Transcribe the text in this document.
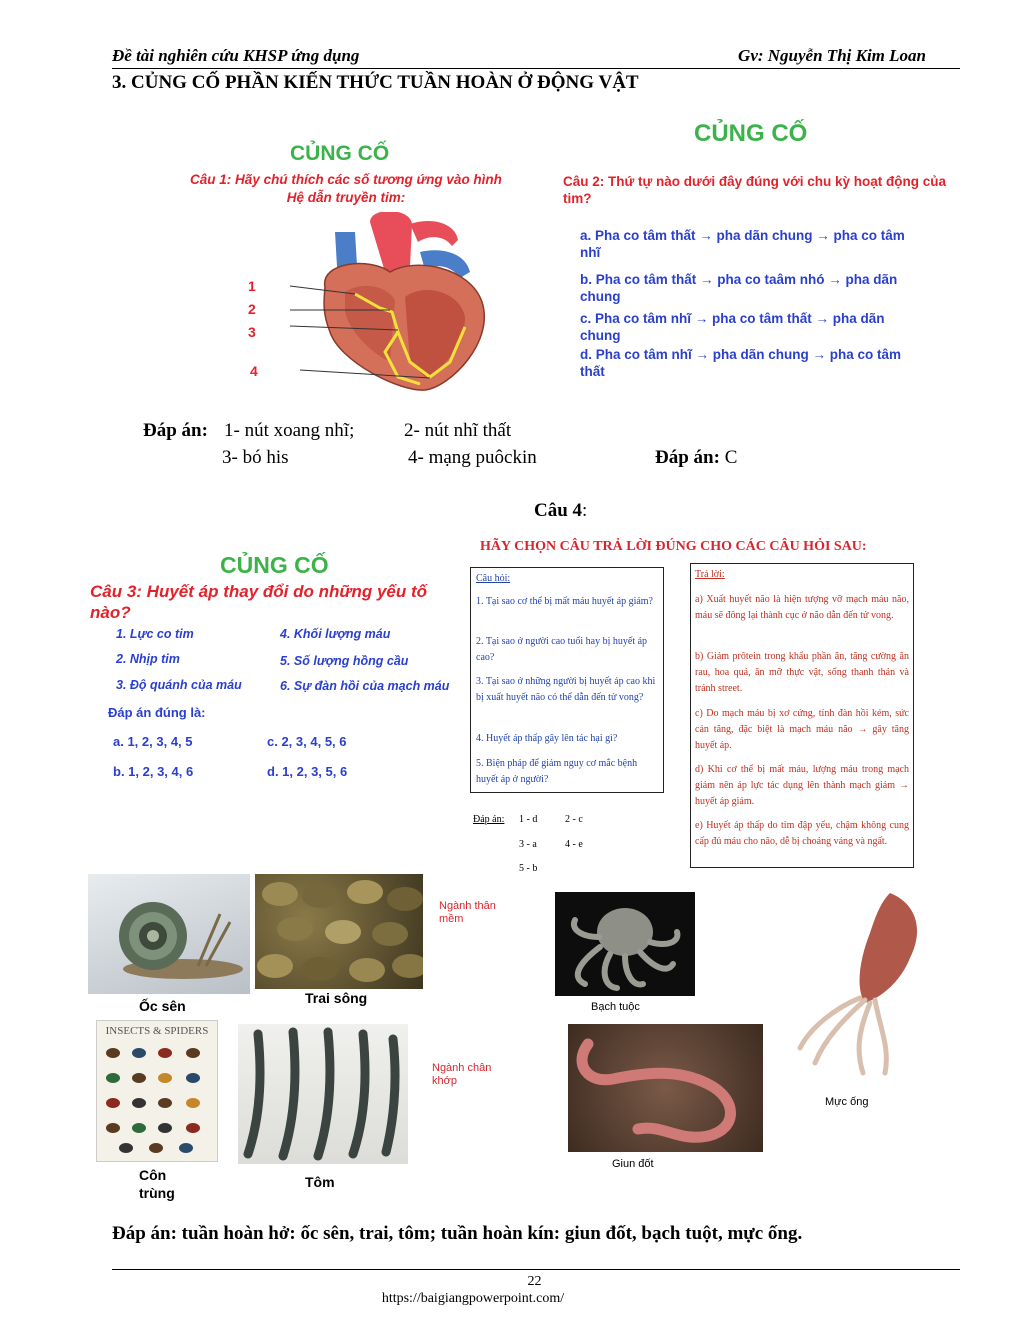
Đề tài nghiên cứu KHSP ứng dụng	Gv: Nguyễn Thị Kim Loan
3. CỦNG CỐ PHẦN KIẾN THỨC TUẦN HOÀN Ở ĐỘNG VẬT
CỦNG CỐ
Câu 1: Hãy chú thích các số tương ứng vào hình
Hệ dẫn truyền tim:
1
2
3
4
CỦNG CỐ
Câu 2: Thứ tự nào dưới đây đúng với chu kỳ hoạt động của tim?
a. Pha co tâm thất → pha dãn chung → pha co tâm nhĩ
b. Pha co tâm thất → pha co taâm nhó → pha dãn chung
c. Pha co tâm nhĩ → pha co tâm thất → pha dãn chung
d. Pha co tâm nhĩ → pha dãn chung → pha co tâm thất
Đáp án: 1- nút xoang nhĩ;	2- nút nhĩ thất
3- bó his	4- mạng puôckin	Đáp án: C
Câu 4:
CỦNG CỐ
Câu 3: Huyết áp thay đổi do những yếu tố nào?
1. Lực co tim	4. Khối lượng máu
2. Nhịp tim	5. Số lượng hồng cầu
3. Độ quánh của máu	6. Sự đàn hồi của mạch máu
Đáp án đúng là:
a. 1, 2, 3, 4, 5	c. 2, 3, 4, 5, 6
b. 1, 2, 3, 4, 6	d. 1, 2, 3, 5, 6
HÃY CHỌN CÂU TRẢ LỜI ĐÚNG CHO CÁC CÂU HỎI SAU:
Câu hỏi:
1. Tại sao cơ thể bị mất máu huyết áp giảm?
2. Tại sao ở người cao tuổi hay bị huyết áp cao?
3. Tại sao ở những người bị huyết áp cao khi bị xuất huyết não có thể dẫn đến tử vong?
4. Huyết áp thấp gây lên tác hại gì?
5. Biện pháp để giảm nguy cơ mắc bệnh huyết áp ở người?
Trả lời:
a) Xuất huyết não là hiện tượng vỡ mạch máu não, máu sẽ đông lại thành cục ở não dẫn đến tử vong.
b) Giảm prôtein trong khẩu phần ăn, tăng cường ăn rau, hoa quả, ăn mỡ thực vật, sống thanh thản và tránh street.
c) Do mạch máu bị xơ cứng, tính đàn hồi kém, sức cản tăng, đặc biệt là mạch máu não → gây tăng huyết áp.
d) Khi cơ thể bị mất máu, lượng máu trong mạch giảm nên áp lực tác dụng lên thành mạch giảm → huyết áp giảm.
e) Huyết áp thấp do tim đập yếu, chậm không cung cấp đủ máu cho não, dễ bị choáng váng và ngất.
Đáp án: 1 - d	2 - c
3 - a	4 - e
5 - b
Ốc sên	Trai sông
Ngành thân mềm
Bạch tuộc
Mực ống
INSECTS & SPIDERS
Côn trùng
Tôm
Ngành chân khớp
Giun đốt
Đáp án: tuần hoàn hở: ốc sên, trai, tôm; tuần hoàn kín: giun đốt, bạch tuột, mực ống.
22
https://baigiangpowerpoint.com/
